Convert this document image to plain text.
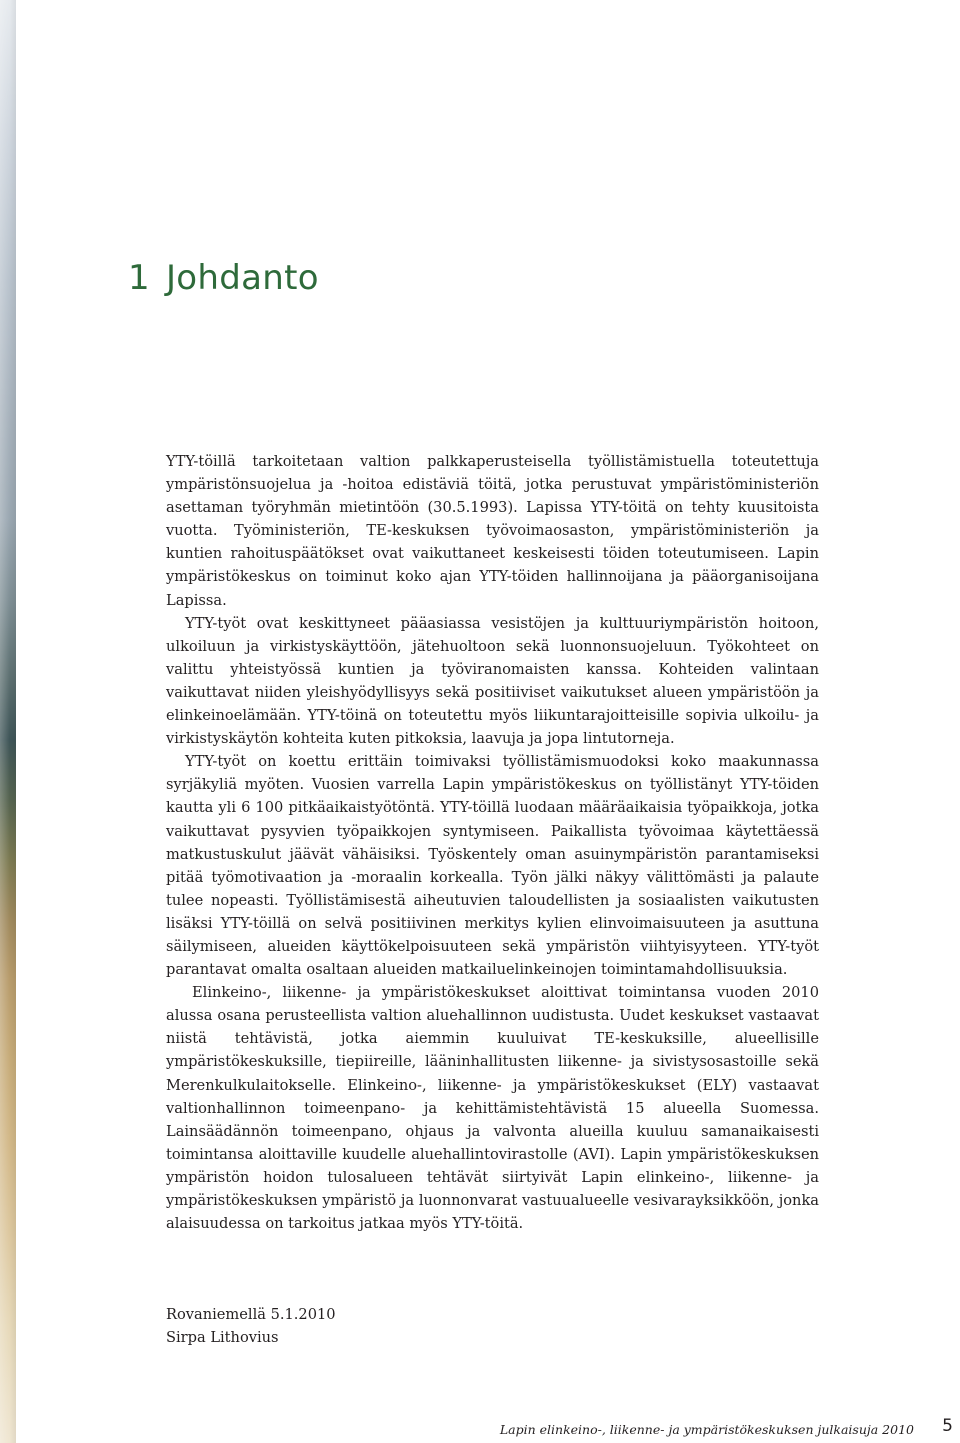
1 Johdanto

YTY-töillä tarkoitetaan valtion palkkaperusteisella työllistämistuella toteutettuja ympäristönsuojelua ja -hoitoa edistäviä töitä, jotka perustuvat ympäristöministeriön asettaman työryhmän mietintöön (30.5.1993). Lapissa YTY-töitä on tehty kuusitoista vuotta. Työministeriön, TE-keskuksen työvoimaosaston, ympäristöministeriön ja kuntien rahoituspäätökset ovat vaikuttaneet keskeisesti töiden toteutumiseen. Lapin ympäristökeskus on toiminut koko ajan YTY-töiden hallinnoijana ja pääorganisoijana Lapissa.

YTY-työt ovat keskittyneet pääasiassa vesistöjen ja kulttuuriympäristön hoitoon, ulkoiluun ja virkistyskäyttöön, jätehuoltoon sekä luonnonsuojeluun. Työkohteet on valittu yhteistyössä kuntien ja työviranomaisten kanssa. Kohteiden valintaan vaikuttavat niiden yleishyödyllisyys sekä positiiviset vaikutukset alueen ympäristöön ja elinkeinoelämään. YTY-töinä on toteutettu myös liikuntarajoitteisille sopivia ulkoilu- ja virkistyskäytön kohteita kuten pitkoksia, laavuja ja jopa lintutorneja.

YTY-työt on koettu erittäin toimivaksi työllistämismuodoksi koko maakunnassa syrjäkyliä myöten. Vuosien varrella Lapin ympäristökeskus on työllistänyt YTY-töiden kautta yli 6 100 pitkäaikaistyötöntä. YTY-töillä luodaan määräaikaisia työpaikkoja, jotka vaikuttavat pysyvien työpaikkojen syntymiseen. Paikallista työvoimaa käytettäessä matkustuskulut jäävät vähäisiksi. Työskentely oman asuinympäristön parantamiseksi pitää työmotivaation ja -moraalin korkealla. Työn jälki näkyy välittömästi ja palaute tulee nopeasti. Työllistämisestä aiheutuvien taloudellisten ja sosiaalisten vaikutusten lisäksi YTY-töillä on selvä positiivinen merkitys kylien elinvoimaisuuteen ja asuttuna säilymiseen, alueiden käyttökelpoisuuteen sekä ympäristön viihtyisyyteen. YTY-työt parantavat omalta osaltaan alueiden matkailuelinkeinojen toimintamahdollisuuksia.

Elinkeino-, liikenne- ja ympäristökeskukset aloittivat toimintansa vuoden 2010 alussa osana perusteellista valtion aluehallinnon uudistusta. Uudet keskukset vastaavat niistä tehtävistä, jotka aiemmin kuuluivat TE-keskuksille, alueellisille ympäristökeskuksille, tiepiireille, lääninhallitusten liikenne- ja sivistysosastoille sekä Merenkulkulaitokselle. Elinkeino-, liikenne- ja ympäristökeskukset (ELY) vastaavat valtionhallinnon toimeenpano- ja kehittämistehtävistä 15 alueella Suomessa. Lainsäädännön toimeenpano, ohjaus ja valvonta alueilla kuuluu samanaikaisesti toimintansa aloittaville kuudelle aluehallintovirastolle (AVI). Lapin ympäristökeskuksen ympäristön hoidon tulosalueen tehtävät siirtyivät Lapin elinkeino-, liikenne- ja ympäristökeskuksen ympäristö ja luonnonvarat vastuualueelle vesivarayksikköön, jonka alaisuudessa on tarkoitus jatkaa myös YTY-töitä.

Rovaniemellä 5.1.2010
Sirpa Lithovius
Lapin elinkeino-, liikenne- ja ympäristökeskuksen julkaisuja 2010 5
